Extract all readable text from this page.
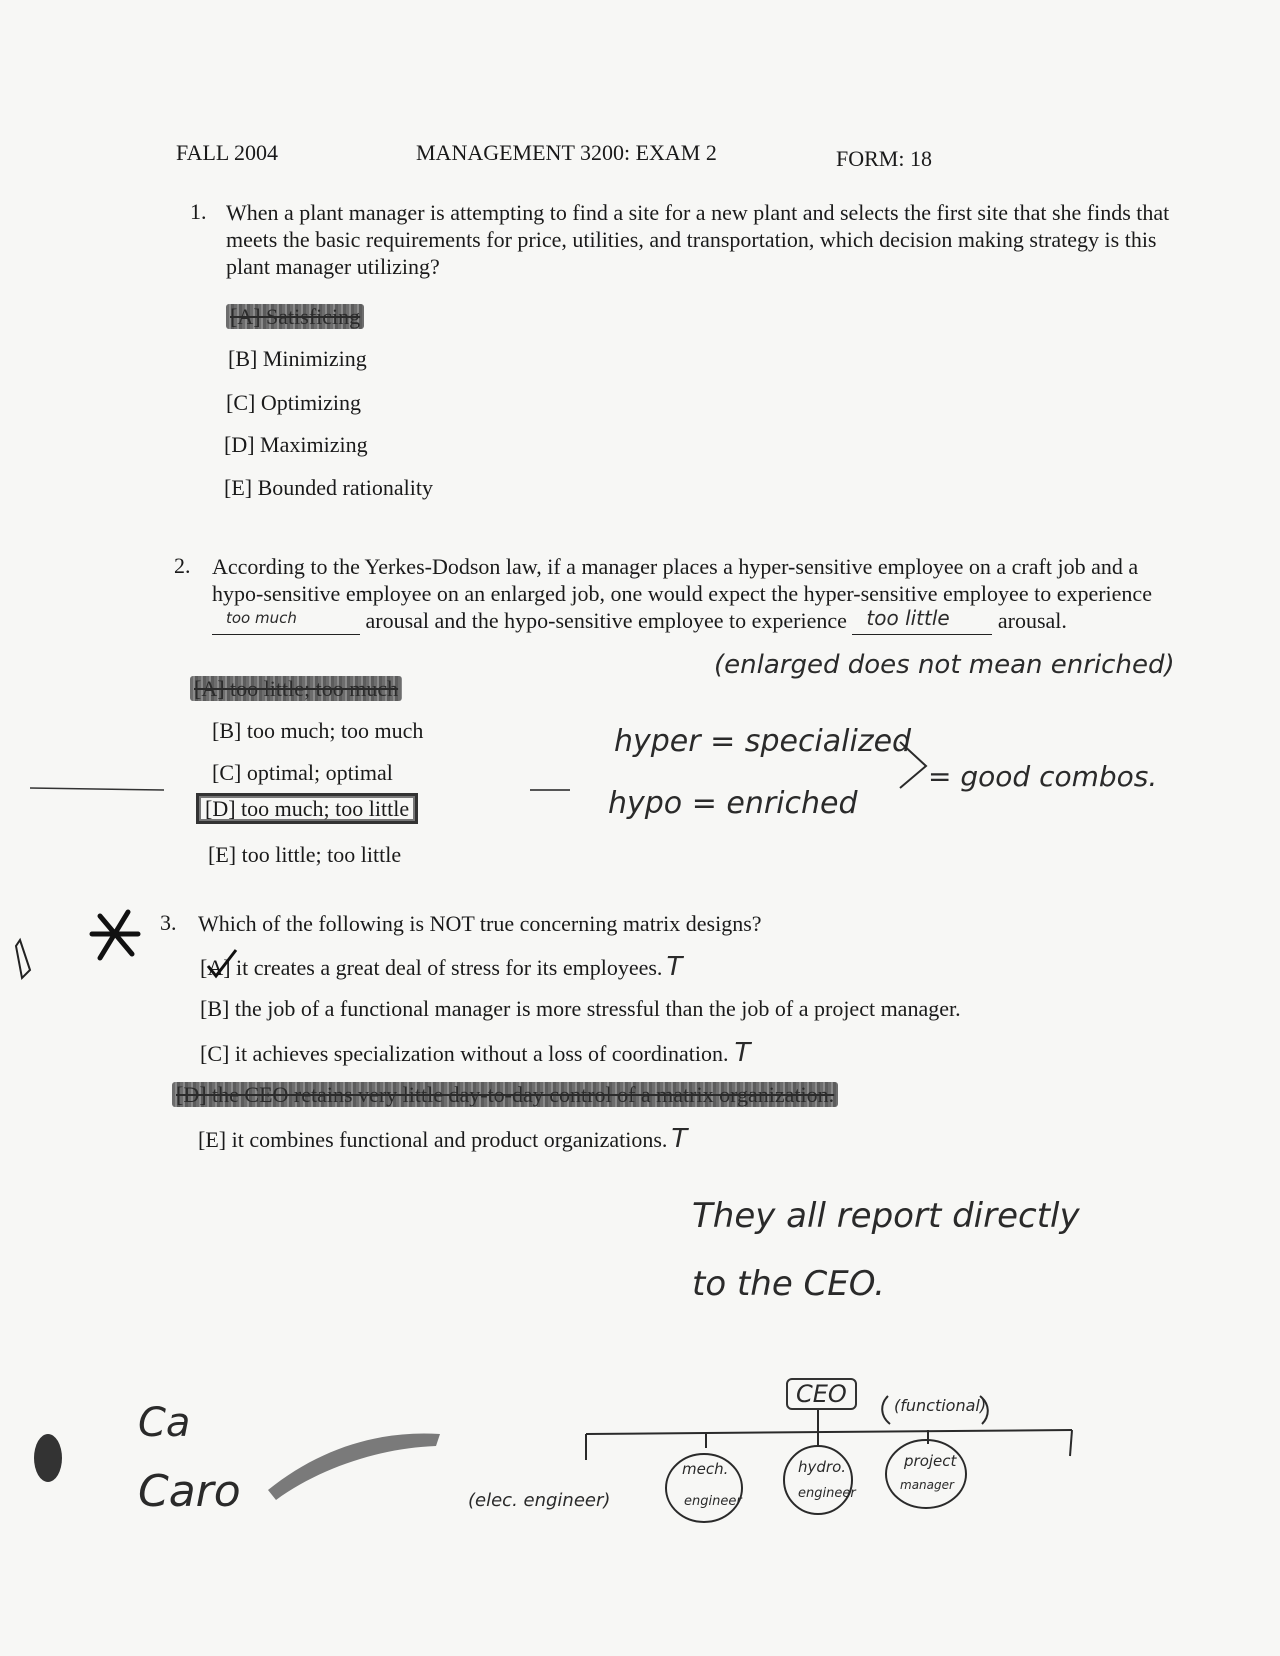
FALL 2004	MANAGEMENT 3200: EXAM 2	FORM: 18
1. When a plant manager is attempting to find a site for a new plant and selects the first site that she finds that meets the basic requirements for price, utilities, and transportation, which decision making strategy is this plant manager utilizing?
[A] Satisficing
[B] Minimizing
[C] Optimizing
[D] Maximizing
[E] Bounded rationality
2. According to the Yerkes-Dodson law, if a manager places a hyper-sensitive employee on a craft job and a hypo-sensitive employee on an enlarged job, one would expect the hyper-sensitive employee to experience
too much	arousal and the hypo-sensitive employee to experience too little arousal.
[A] too little; too much
[B] too much; too much
[C] optimal; optimal
[D] too much; too little
[E] too little; too little
3. Which of the following is NOT true concerning matrix designs?
[A] it creates a great deal of stress for its employees. T
[B] the job of a functional manager is more stressful than the job of a project manager.
[C] it achieves specialization without a loss of coordination. T
[D] the CEO retains very little day-to-day control of a matrix organization.
[E] it combines functional and product organizations. T
(enlarged does not mean enriched)
hyper = specialized
hypo = enriched
= good combos.
They all report directly
to the CEO.
CEO	(functional)
(elec. engineer)
mech.
engineer
hydro.
engineer
project
manager
Ca
Caro
